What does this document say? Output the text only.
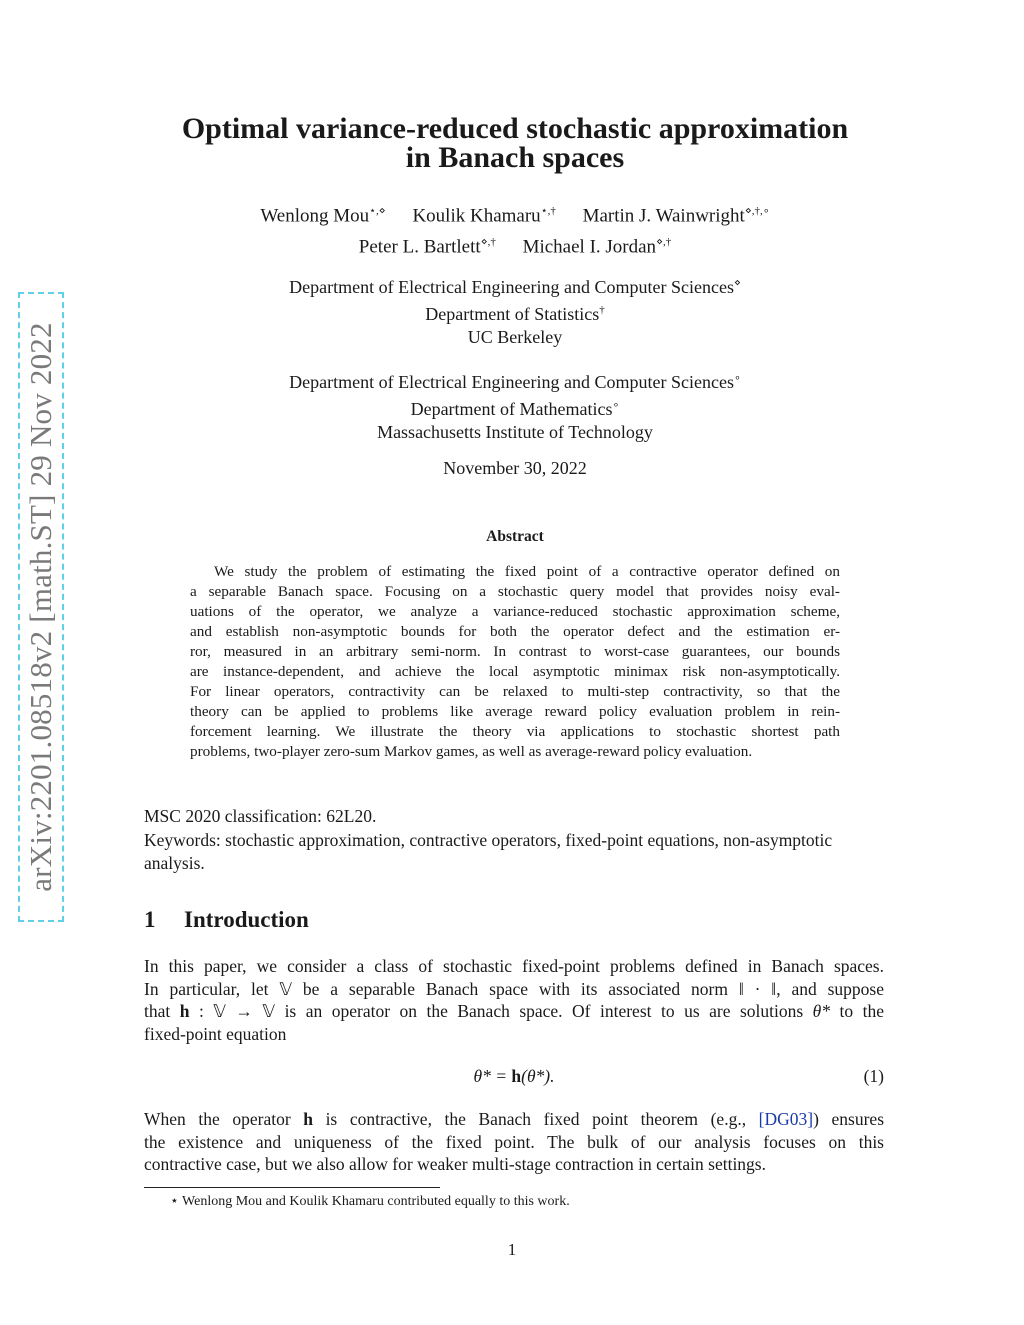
arXiv:2201.08518v2 [math.ST] 29 Nov 2022
Optimal variance-reduced stochastic approximation
in Banach spaces
Wenlong Mou⋆,⋄ Koulik Khamaru⋆,† Martin J. Wainwright⋄,†,∘
Peter L. Bartlett⋄,† Michael I. Jordan⋄,†
Department of Electrical Engineering and Computer Sciences⋄
Department of Statistics†
UC Berkeley
Department of Electrical Engineering and Computer Sciences∘
Department of Mathematics∘
Massachusetts Institute of Technology
November 30, 2022
Abstract
We study the problem of estimating the fixed point of a contractive operator defined on
a separable Banach space. Focusing on a stochastic query model that provides noisy eval-
uations of the operator, we analyze a variance-reduced stochastic approximation scheme,
and establish non-asymptotic bounds for both the operator defect and the estimation er-
ror, measured in an arbitrary semi-norm. In contrast to worst-case guarantees, our bounds
are instance-dependent, and achieve the local asymptotic minimax risk non-asymptotically.
For linear operators, contractivity can be relaxed to multi-step contractivity, so that the
theory can be applied to problems like average reward policy evaluation problem in rein-
forcement learning. We illustrate the theory via applications to stochastic shortest path
problems, two-player zero-sum Markov games, as well as average-reward policy evaluation.
MSC 2020 classification: 62L20.
Keywords: stochastic approximation, contractive operators, fixed-point equations, non-asymptotic
analysis.
1 Introduction
In this paper, we consider a class of stochastic fixed-point problems defined in Banach spaces.
In particular, let 𝕍 be a separable Banach space with its associated norm ‖ · ‖, and suppose
that h : 𝕍 → 𝕍 is an operator on the Banach space. Of interest to us are solutions θ* to the
fixed-point equation
θ* = h(θ*).	(1)
When the operator h is contractive, the Banach fixed point theorem (e.g., [DG03]) ensures
the existence and uniqueness of the fixed point. The bulk of our analysis focuses on this
contractive case, but we also allow for weaker multi-stage contraction in certain settings.
⋆ Wenlong Mou and Koulik Khamaru contributed equally to this work.
1
